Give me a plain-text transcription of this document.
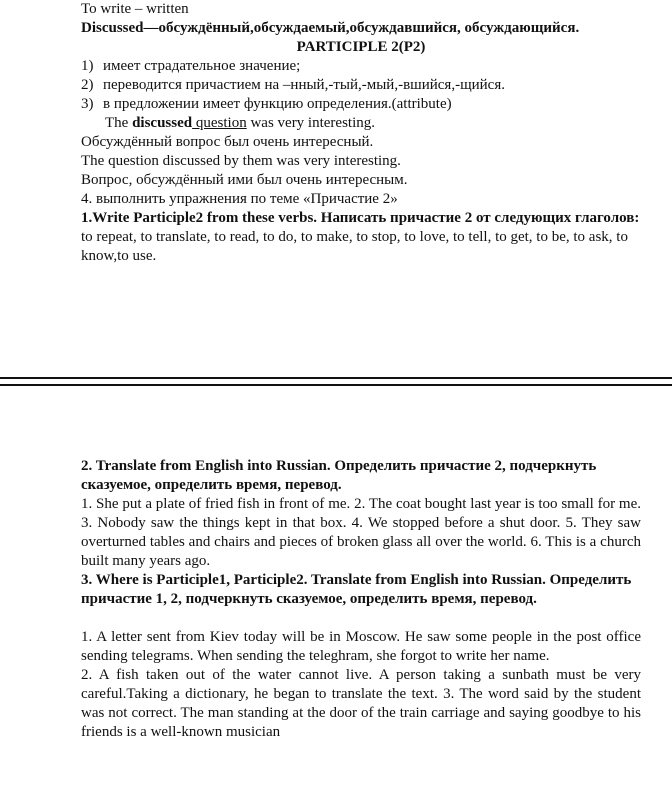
To write – written

Discussed—обсуждённый,обсуждаемый,обсуждавшийся, обсуждающийся.

PARTICIPLE 2(P2)

1) имеет страдательное значение;
2) переводится причастием на –нный,-тый,-мый,-вшийся,-щийся.
3) в предложении имеет функцию определения.(attribute)

The discussed question was very interesting.

Обсуждённый вопрос был очень интересный.

The question discussed by them was very interesting.

Вопрос, обсуждённый ими был очень интересным.

4. выполнить упражнения по теме «Причастие 2»

1.Write Participle2 from these verbs. Написать причастие 2 от следующих глаголов:

to repeat, to translate, to read, to do, to make, to stop, to love, to tell, to get, to be, to ask, to know,to use.

2. Translate from English into Russian. Определить причастие 2, подчеркнуть сказуемое, определить время, перевод.

1. She put a plate of fried fish in front of me. 2. The coat bought last year is too small for me. 3. Nobody saw the things kept in that box. 4. We stopped before a shut door. 5. They saw overturned tables and chairs and pieces of broken glass all over the world. 6. This is a church built many years ago.

3. Where is Participle1, Participle2. Translate from English into Russian. Определить причастие 1, 2, подчеркнуть сказуемое, определить время, перевод.

1. A letter sent from Kiev today will be in Moscow. He saw some people in the post office sending telegrams. When sending the teleghram, she forgot to write her name.

2. A fish taken out of the water cannot live. A person taking a sunbath must be very careful.Taking a dictionary, he began to translate the text. 3. The word said by the student was not correct. The man standing at the door of the train carriage and saying goodbye to his friends is a well-known musician
